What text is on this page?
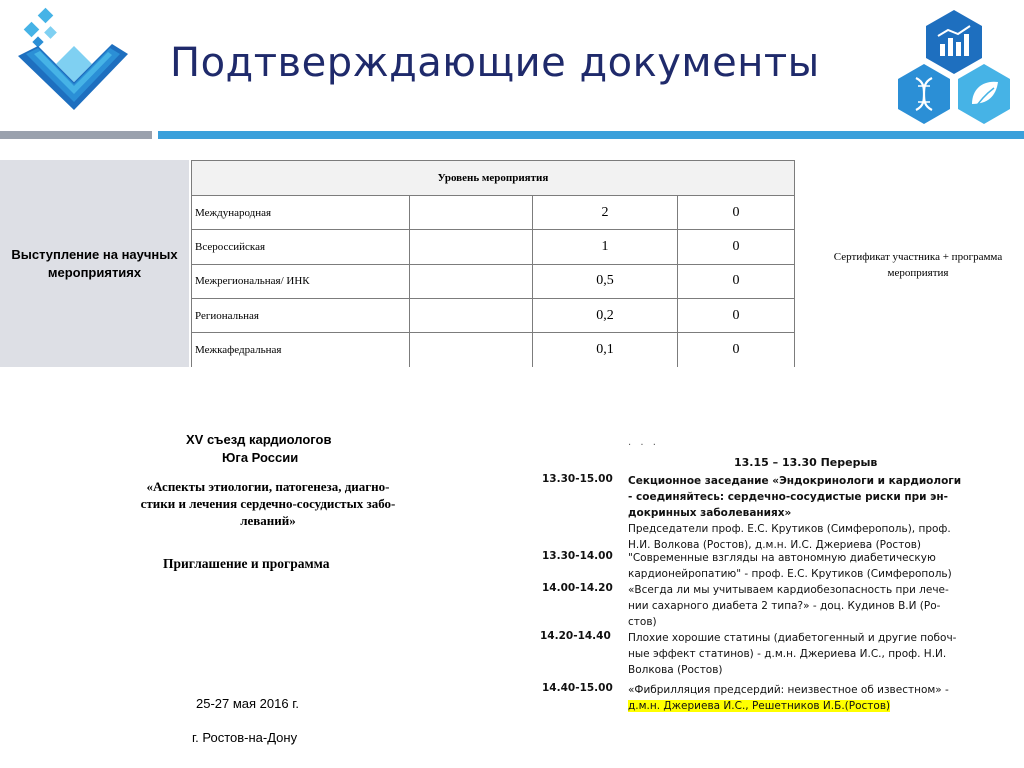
Подтверждающие документы
Выступление на научных
мероприятиях
Уровень мероприятия			
Международная		2	0
Всероссийская		1	0
Межрегиональная/ ИНК		0,5	0
Региональная		0,2	0
Межкафедральная		0,1	0
Сертификат участника + программа
мероприятия
XV съезд кардиологов
Юга России
«Аспекты этиологии, патогенеза, диагно-
стики и лечения сердечно-сосудистых забо-
леваний»
Приглашение и программа
25-27 мая 2016 г.
г. Ростов-на-Дону
· · ·
13.15 – 13.30 Перерыв
13.30-15.00 Секционное заседание «Эндокринологи и кардиологи
- соединяйтесь: сердечно-сосудистые риски при эн-
докринных заболеваниях»
Председатели проф. Е.С. Крутиков (Симферополь), проф.
Н.И. Волкова (Ростов), д.м.н. И.С. Джериева (Ростов)
13.30-14.00 "Современные взгляды на автономную диабетическую
кардионейропатию" - проф. Е.С. Крутиков (Симферополь)
14.00-14.20 «Всегда ли мы учитываем кардиобезопасность при лече-
нии сахарного диабета 2 типа?» - доц. Кудинов В.И (Ро-
стов)
14.20-14.40 Плохие хорошие статины (диабетогенный и другие побоч-
ные эффект статинов) - д.м.н. Джериева И.С., проф. Н.И.
Волкова (Ростов)
14.40-15.00 «Фибрилляция предсердий: неизвестное об известном» -
д.м.н. Джериева И.С., Решетников И.Б.(Ростов)
